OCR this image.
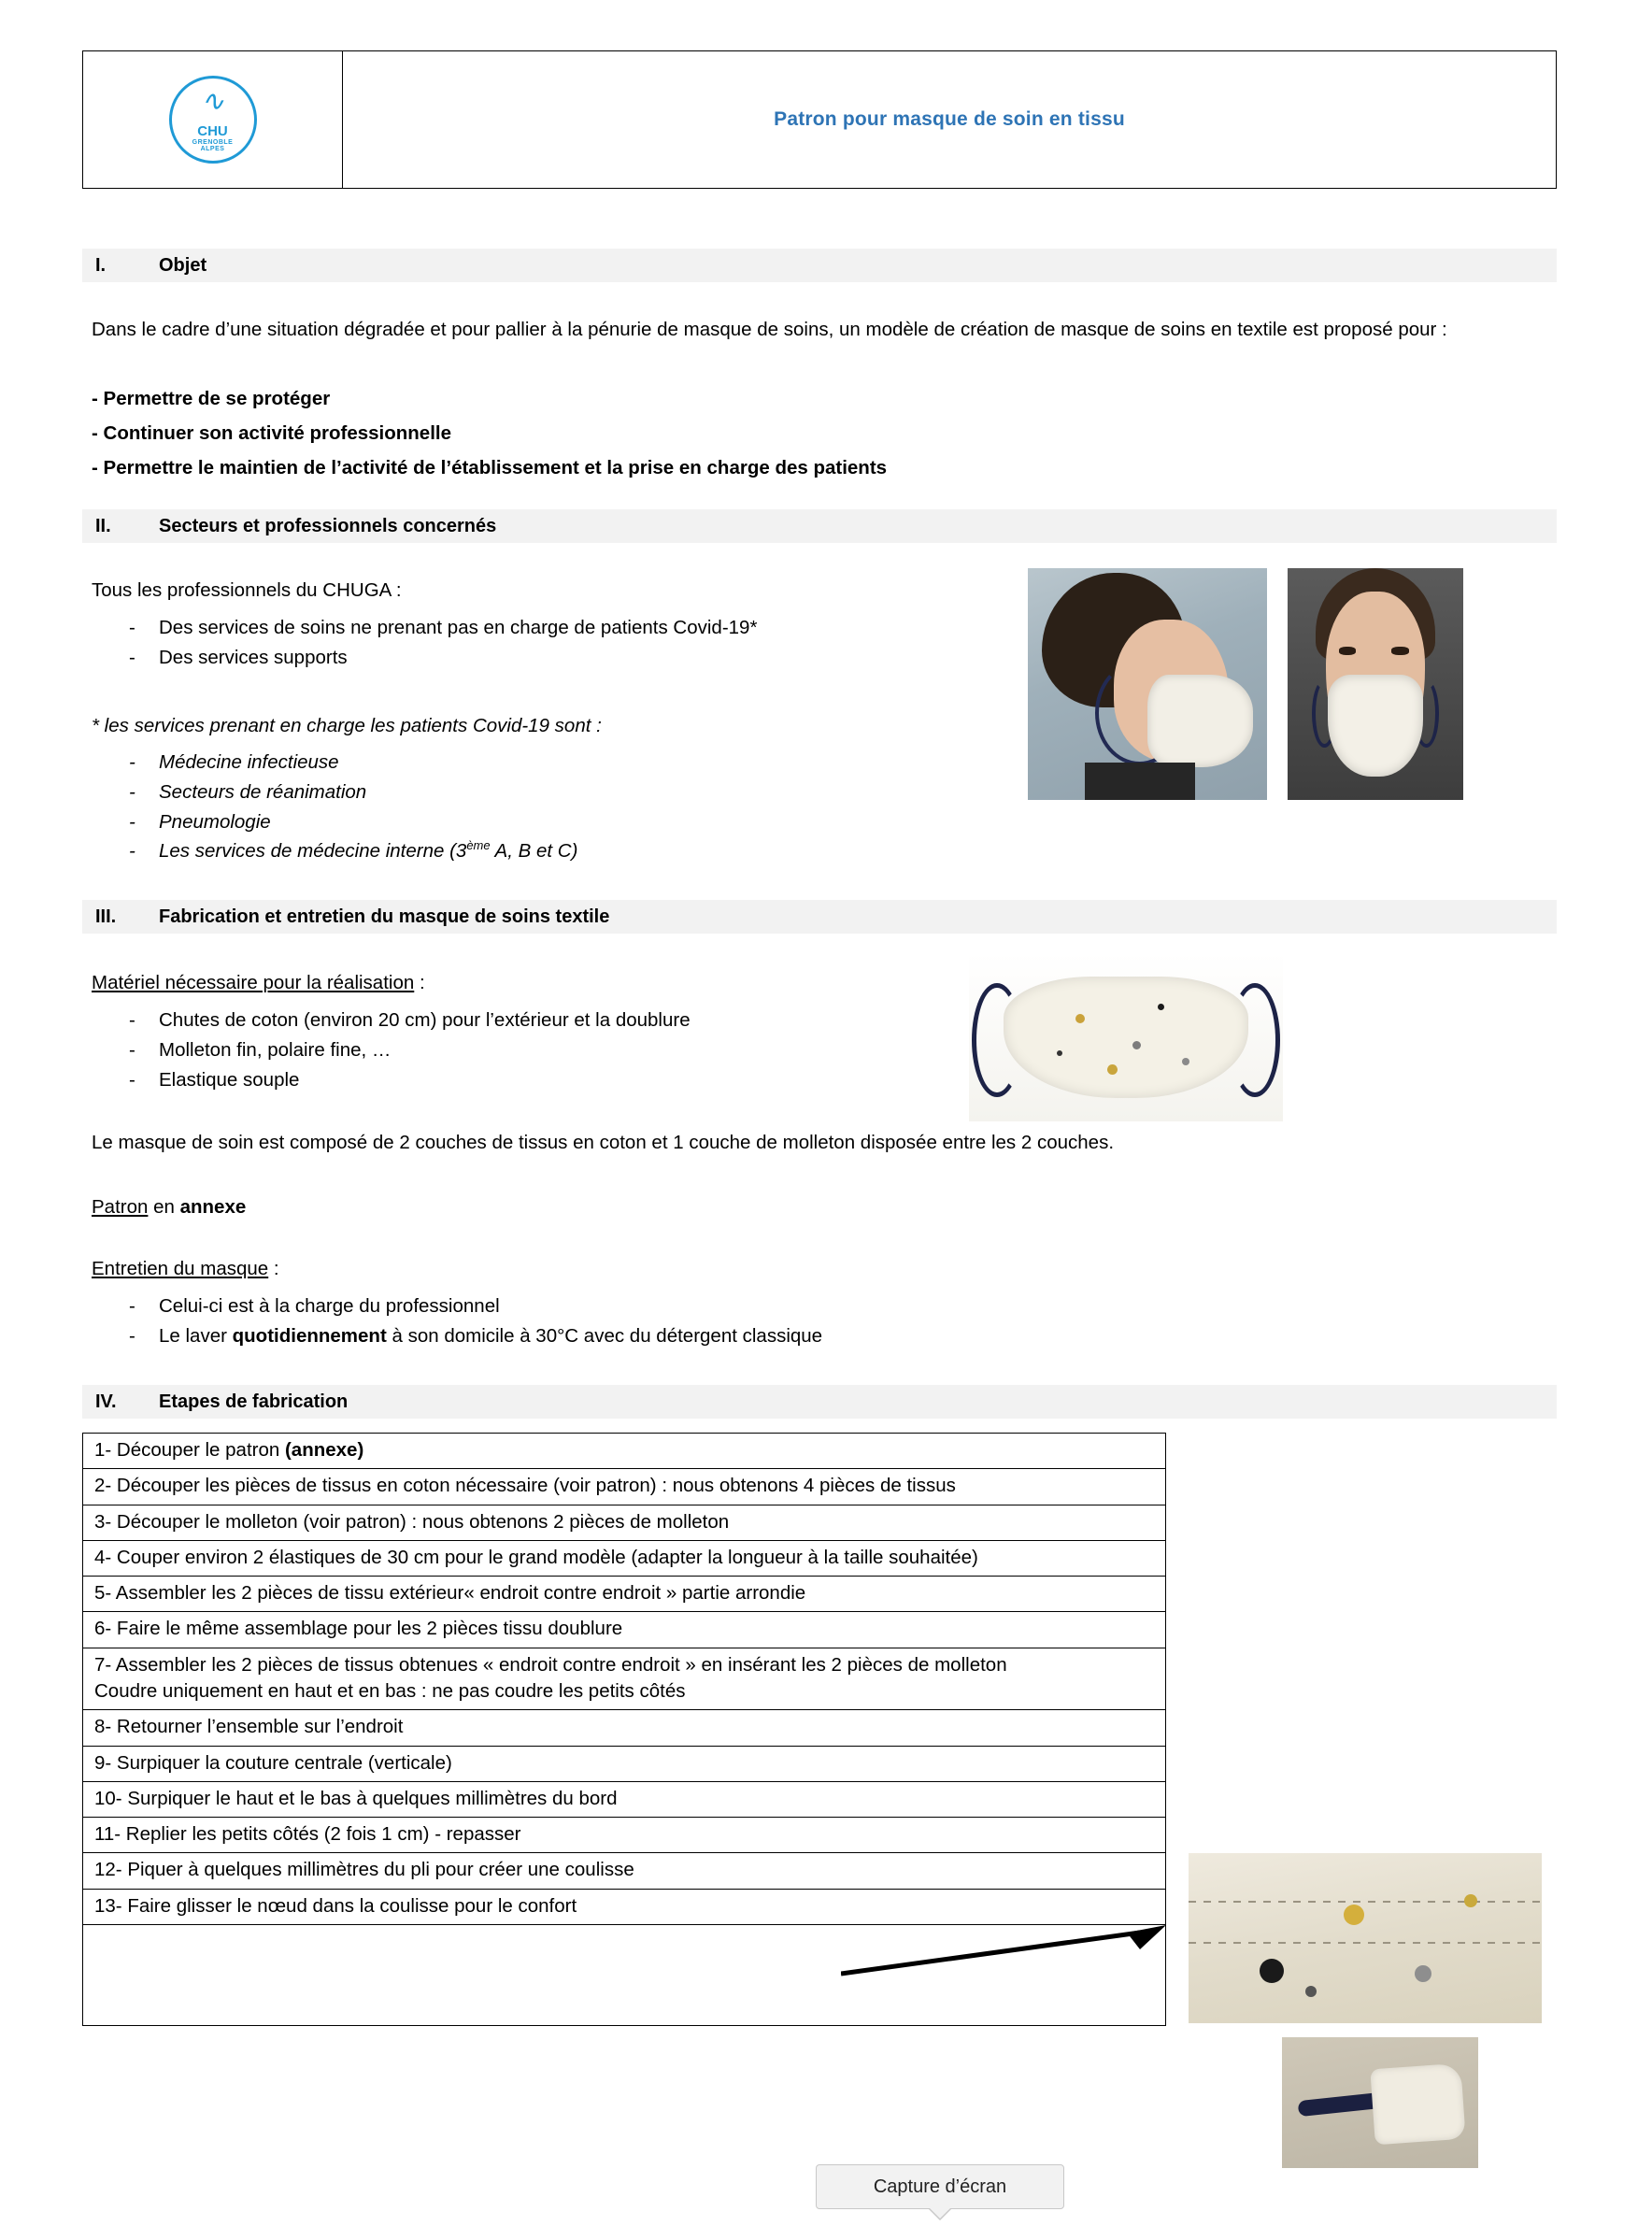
∿
CHU
GRENOBLE
ALPES
Patron pour masque de soin en tissu
I.	Objet
Dans le cadre d’une situation dégradée et pour pallier à la pénurie de masque de soins, un modèle de création de masque de soins en textile est proposé pour :
- Permettre de se protéger
- Continuer son activité professionnelle
- Permettre le maintien de l’activité de l’établissement et la prise en charge des patients
II.	Secteurs et professionnels concernés
Tous les professionnels du CHUGA :
- Des services de soins ne prenant pas en charge de patients Covid-19*
- Des services supports
* les services prenant en charge les patients Covid-19 sont :
- Médecine infectieuse
- Secteurs de réanimation
- Pneumologie
- Les services de médecine interne (3ème A, B et C)
III.	Fabrication et entretien du masque de soins textile
Matériel nécessaire pour la réalisation :
- Chutes de coton (environ 20 cm) pour l’extérieur et la doublure
- Molleton fin, polaire fine, …
- Elastique souple
Le masque de soin est composé de 2 couches de tissus en coton et 1 couche de molleton disposée entre les 2 couches.
Patron en annexe
Entretien du masque :
- Celui-ci est à la charge du professionnel
- Le laver quotidiennement à son domicile à 30°C avec du détergent classique
IV.	Etapes de fabrication
1- Découper le patron (annexe)
2- Découper les pièces de tissus en coton nécessaire (voir patron) : nous obtenons 4 pièces de tissus
3- Découper le molleton (voir patron) : nous obtenons 2 pièces de molleton
4- Couper environ 2 élastiques de 30 cm pour le grand modèle (adapter la longueur à la taille souhaitée)
5- Assembler les 2 pièces de tissu extérieur« endroit contre endroit » partie arrondie
6- Faire le même assemblage pour les 2 pièces tissu doublure
7- Assembler les 2 pièces de tissus obtenues « endroit contre endroit » en insérant les 2 pièces de molleton
Coudre uniquement en haut et en bas : ne pas coudre les petits côtés
8- Retourner l’ensemble sur l’endroit
9- Surpiquer la couture centrale (verticale)
10- Surpiquer le haut et le bas à quelques millimètres du bord
11- Replier les petits côtés (2 fois 1 cm) - repasser
12- Piquer à quelques millimètres du pli pour créer une coulisse
13- Faire glisser le nœud dans la coulisse pour le confort
Capture d’écran
